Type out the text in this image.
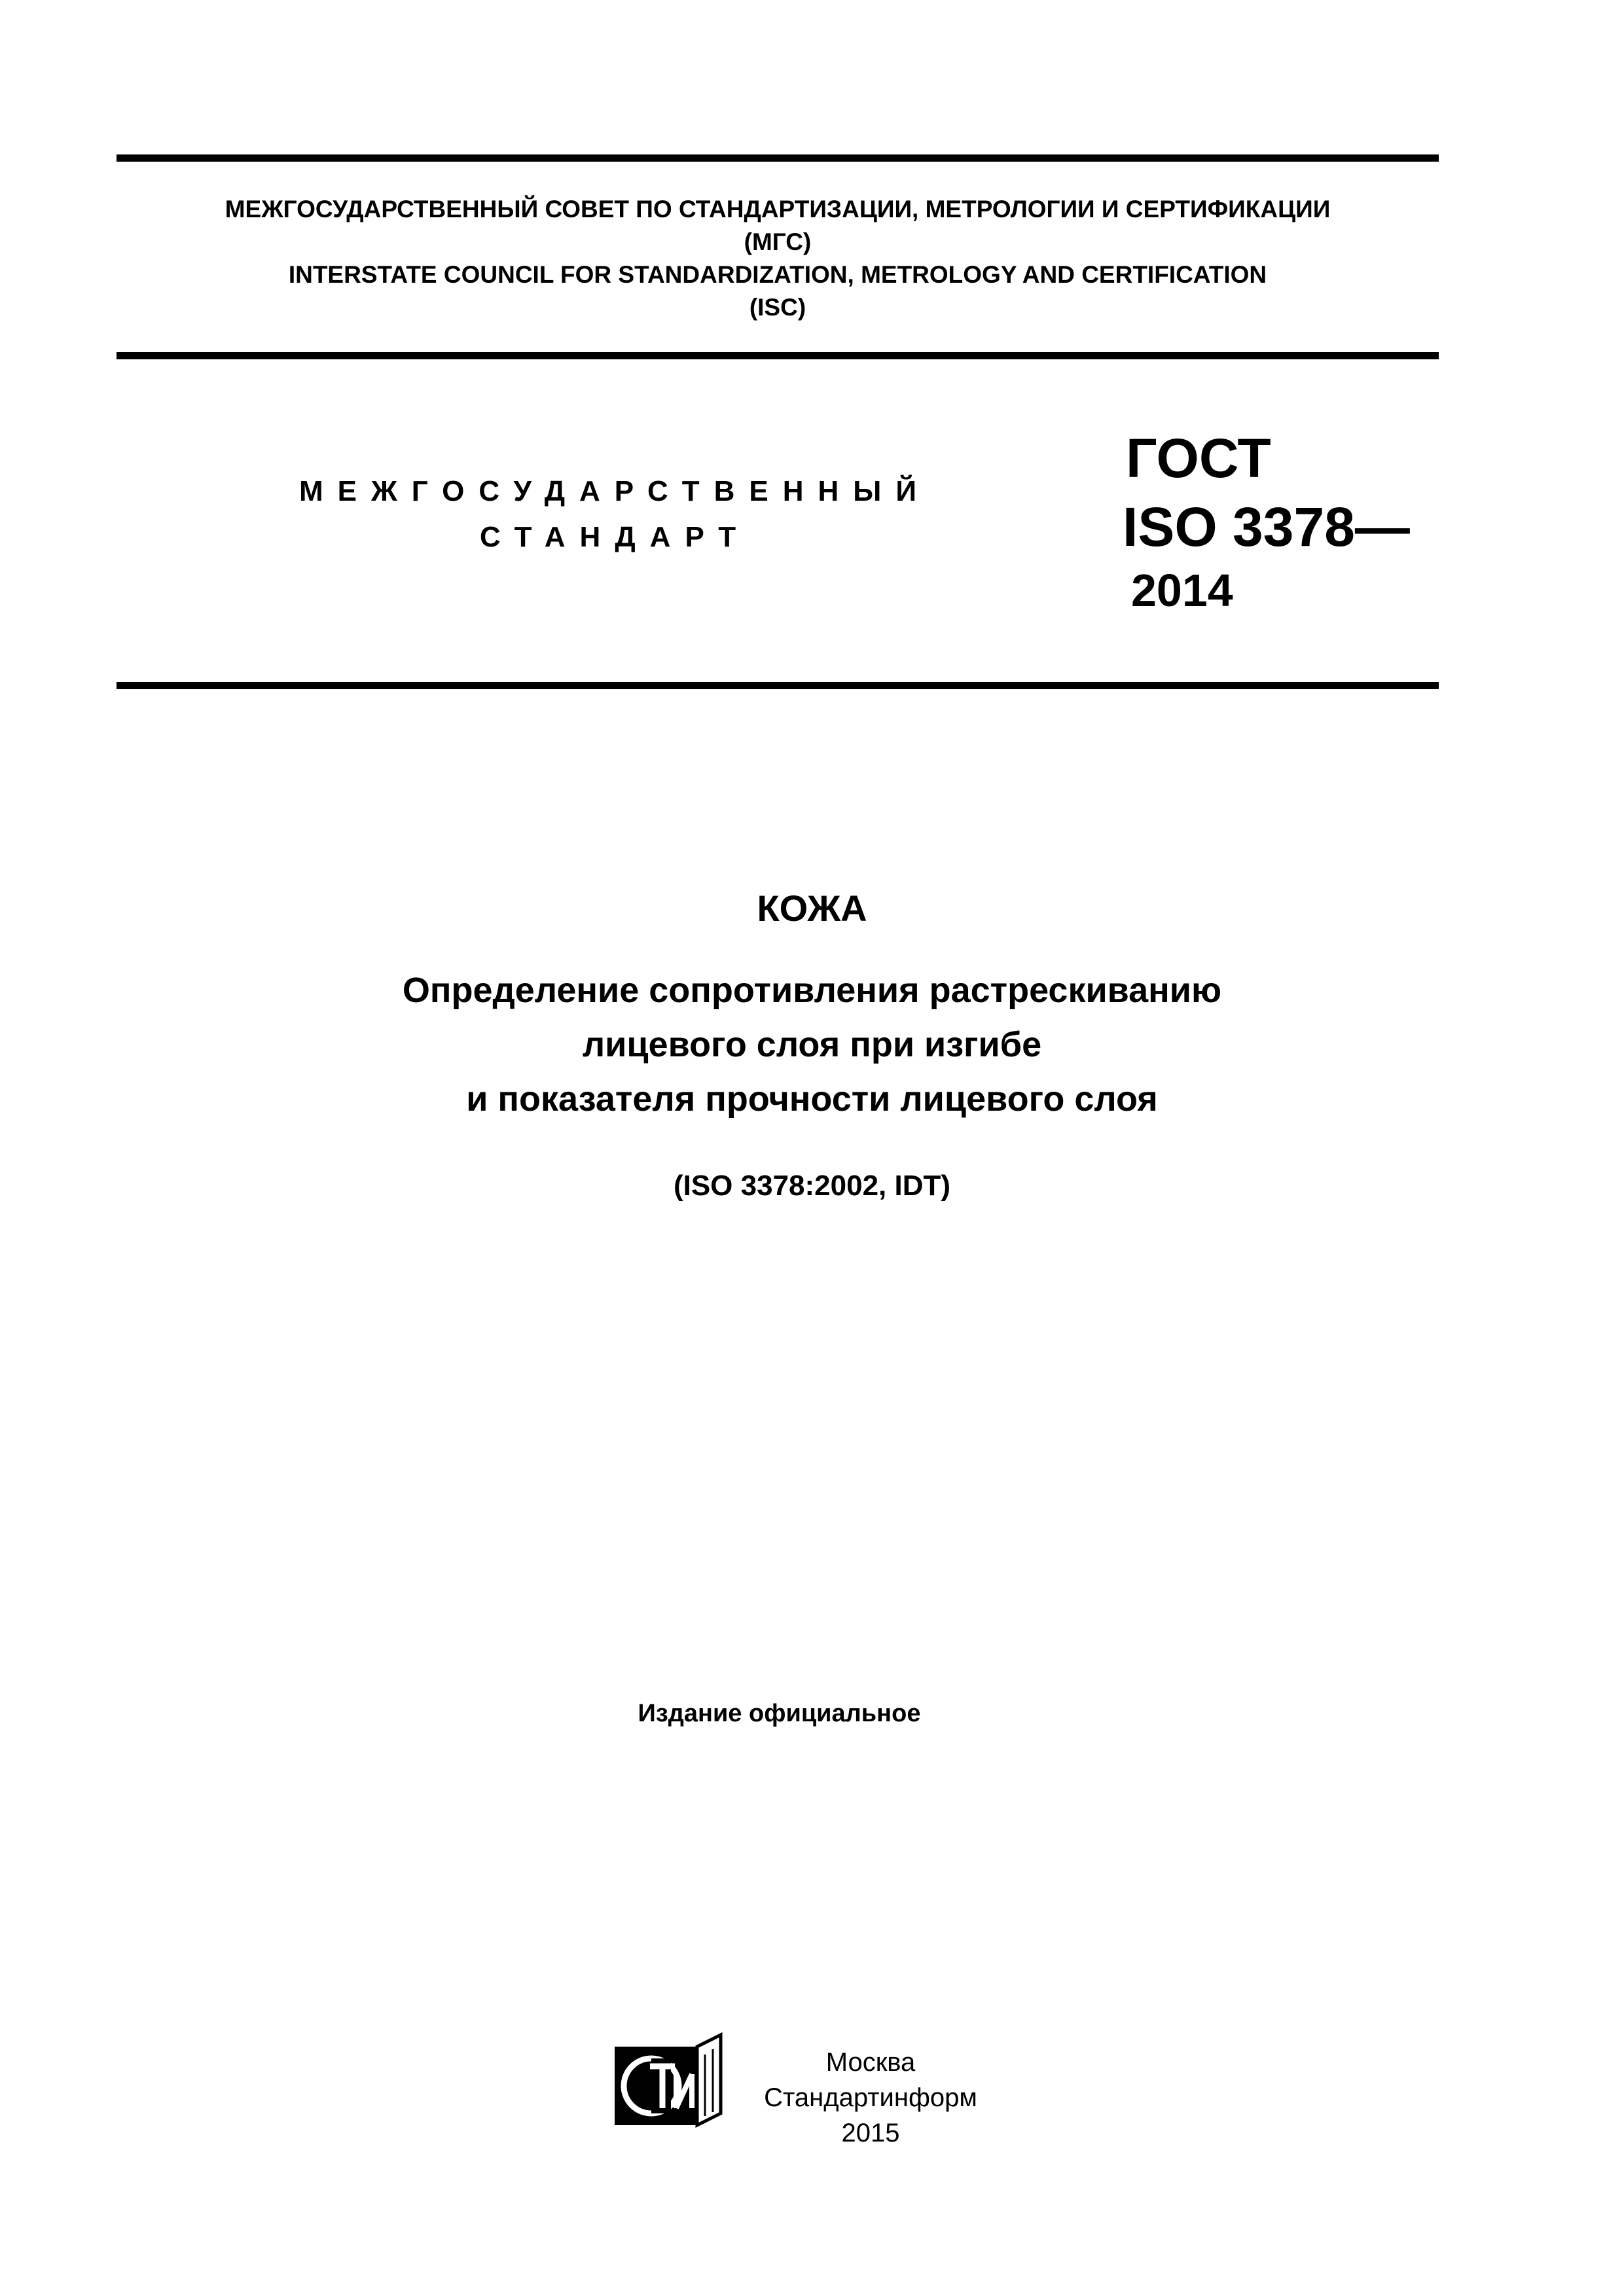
МЕЖГОСУДАРСТВЕННЫЙ СОВЕТ ПО СТАНДАРТИЗАЦИИ, МЕТРОЛОГИИ И СЕРТИФИКАЦИИ
(МГС)
INTERSTATE COUNCIL FOR STANDARDIZATION, METROLOGY AND CERTIFICATION
(ISC)
МЕЖГОСУДАРСТВЕННЫЙ
СТАНДАРТ
ГОСТ
ISO 3378—
2014
КОЖА
Определение сопротивления растрескиванию
лицевого слоя при изгибе
и показателя прочности лицевого слоя
(ISO 3378:2002, IDT)
Издание официальное
Москва
Стандартинформ
2015
